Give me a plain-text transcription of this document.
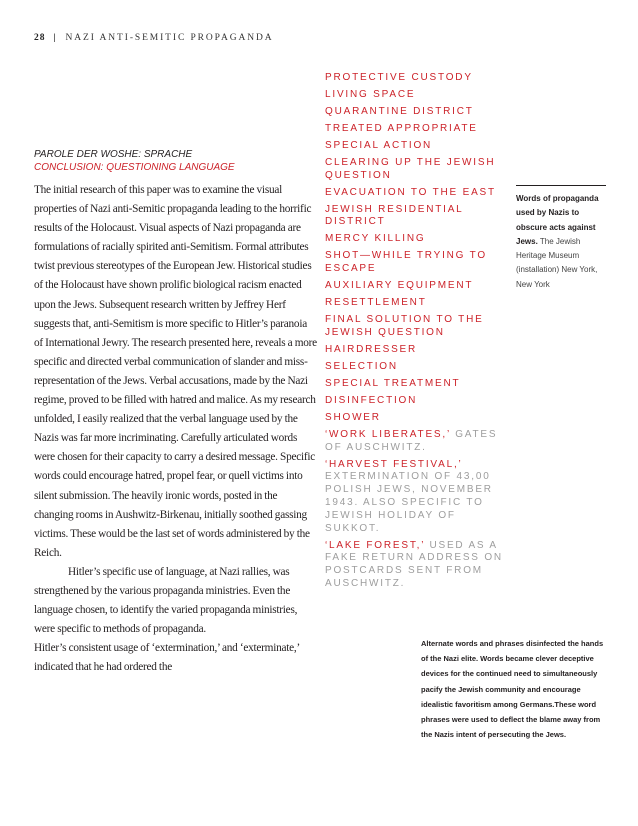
28 | NAZI ANTI-SEMITIC PROPAGANDA
PAROLE DER WOSHE: SPRACHE
CONCLUSION: QUESTIONING LANGUAGE

The initial research of this paper was to examine the visual properties of Nazi anti-Semitic propaganda leading to the horrific results of the Holocaust. Visual aspects of Nazi propaganda are formulations of racially spirited anti-Semitism. Formal attributes twist previous stereotypes of the European Jew. Historical studies of the Holocaust have shown prolific biological racism enacted upon the Jews. Subsequent research written by Jeffrey Herf suggests that, anti-Semitism is more specific to Hitler’s paranoia of International Jewry. The research presented here, reveals a more specific and directed verbal communication of slander and miss-representation of the Jews. Verbal accusations, made by the Nazi regime, proved to be filled with hatred and malice. As my research unfolded, I easily realized that the verbal language used by the Nazis was far more incriminating. Carefully articulated words were chosen for their capacity to carry a desired message. Specific words could encourage hatred, propel fear, or quell victims into silent submission. The heavily ironic words, posted in the changing rooms in Aushwitz-Birkenau, initially soothed gassing victims. These would be the last set of words administered by the Reich.

Hitler’s specific use of language, at Nazi rallies, was strengthened by the various propaganda ministries. Even the language chosen, to identify the varied propaganda ministries, were specific to methods of propaganda.

Hitler’s consistent usage of ‘extermination,’ and ‘exterminate,’ indicated that he had ordered the

PROTECTIVE CUSTODY
LIVING SPACE
QUARANTINE DISTRICT
TREATED APPROPRIATE
SPECIAL ACTION
CLEARING UP THE JEWISH QUESTION
EVACUATION TO THE EAST
JEWISH RESIDENTIAL DISTRICT
MERCY KILLING
SHOT—WHILE TRYING TO ESCAPE
AUXILIARY EQUIPMENT
RESETTLEMENT
FINAL SOLUTION TO THE JEWISH QUESTION
HAIRDRESSER
SELECTION
SPECIAL TREATMENT
DISINFECTION
SHOWER
‘WORK LIBERATES,’ GATES OF AUSCHWITZ.
‘HARVEST FESTIVAL,’ EXTERMINATION OF 43,00 POLISH JEWS, NOVEMBER 1943. ALSO SPECIFIC TO JEWISH HOLIDAY OF SUKKOT.
‘LAKE FOREST,’ USED AS A FAKE RETURN ADDRESS ON POSTCARDS SENT FROM AUSCHWITZ.
Words of propaganda used by Nazis to obscure acts against Jews. The Jewish Heritage Museum (installation) New York, New York
Alternate words and phrases disinfected the hands of the Nazi elite. Words became clever deceptive devices for the continued need to simultaneously pacify the Jewish community and encourage idealistic favoritism among Germans.These word phrases were used to deflect the blame away from the Nazis intent of persecuting the Jews.
